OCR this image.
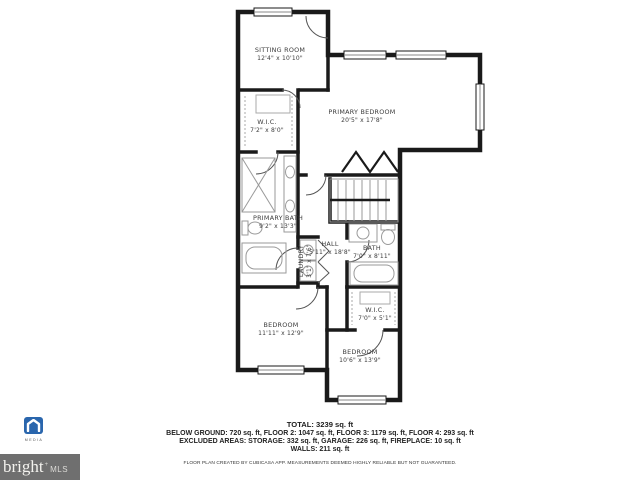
SITTING ROOM
12'4" x 10'10"
W.I.C.
7'2" x 8'0"
PRIMARY BEDROOM
20'5" x 17'8"
PRIMARY BATH
9'2" x 13'3"
LAUNDRY 3'1" x 7'6"
HALL
5'11" x 18'8"
BATH
7'0" x 8'11"
W.I.C.
7'0" x 5'1"
BEDROOM
11'11" x 12'9"
BEDROOM
10'6" x 13'9"
TOTAL: 3239 sq. ft
BELOW GROUND: 720 sq. ft, FLOOR 2: 1047 sq. ft, FLOOR 3: 1179 sq. ft, FLOOR 4: 293 sq. ft
EXCLUDED AREAS: STORAGE: 332 sq. ft, GARAGE: 226 sq. ft, FIREPLACE: 10 sq. ft
WALLS: 211 sq. ft
FLOOR PLAN CREATED BY CUBICASA APP. MEASUREMENTS DEEMED HIGHLY RELIABLE BUT NOT GUARANTEED.
MEDIA
bright + MLS
